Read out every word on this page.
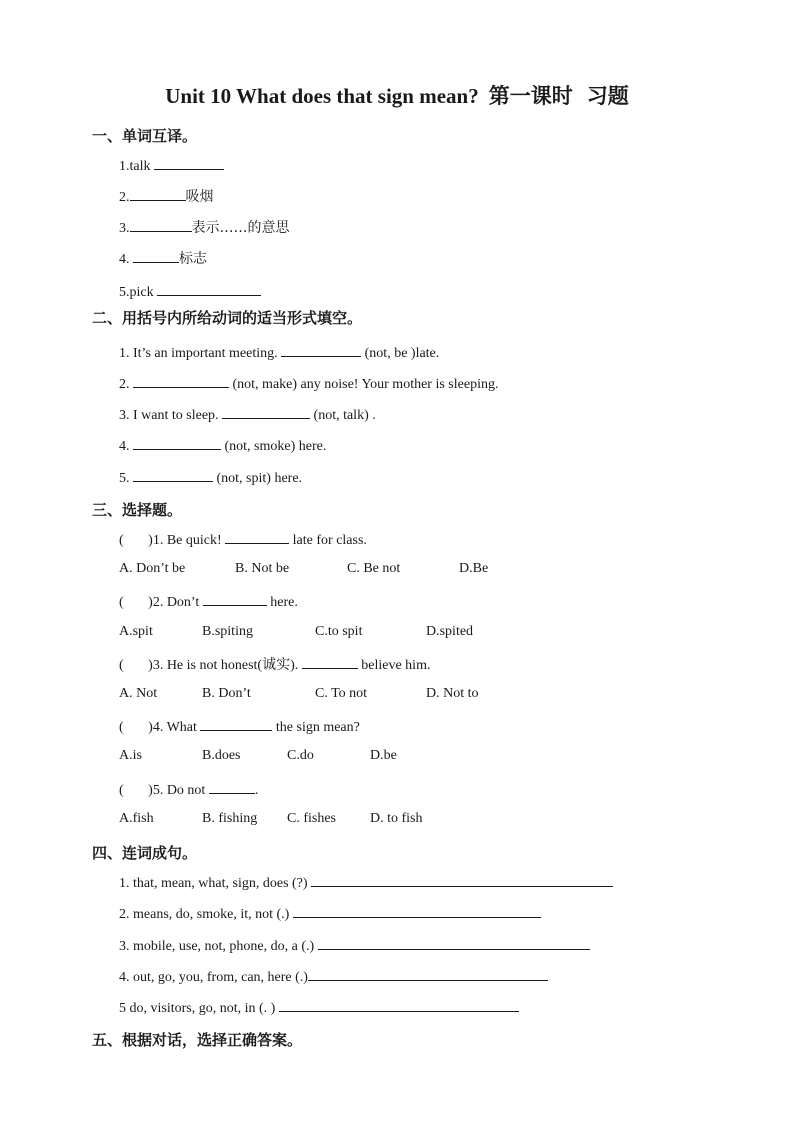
Unit 10 What does that sign mean? 第一课时 习题
一、单词互译。
1.talk
2.	吸烟
3.	表示……的意思
4.	标志
5.pick
二、用括号内所给动词的适当形式填空。
1. It’s an important meeting.	(not, be )late.
2.	(not, make) any noise! Your mother is sleeping.
3. I want to sleep.	(not, talk) .
4.	(not, smoke) here.
5.	(not, spit) here.
三、选择题。
(       )1. Be quick!	late for class.
A. Don’t be	B. Not be	C. Be not	D.Be
(       )2. Don’t	here.
A.spit	B.spiting	C.to spit	D.spited
(       )3. He is not honest(诚实).	believe him.
A. Not	B. Don’t	C. To not	D. Not to
(       )4. What	the sign mean?
A.is	B.does	C.do	D.be
(       )5. Do not	.
A.fish	B. fishing C. fishes D. to fish
四、连词成句。
1. that, mean, what, sign, does (?)
2. means, do, smoke, it, not (.)
3. mobile, use, not, phone, do, a (.)
4. out, go, you, from, can, here (.)
5 do, visitors, go, not, in (. )
五、根据对话，选择正确答案。
